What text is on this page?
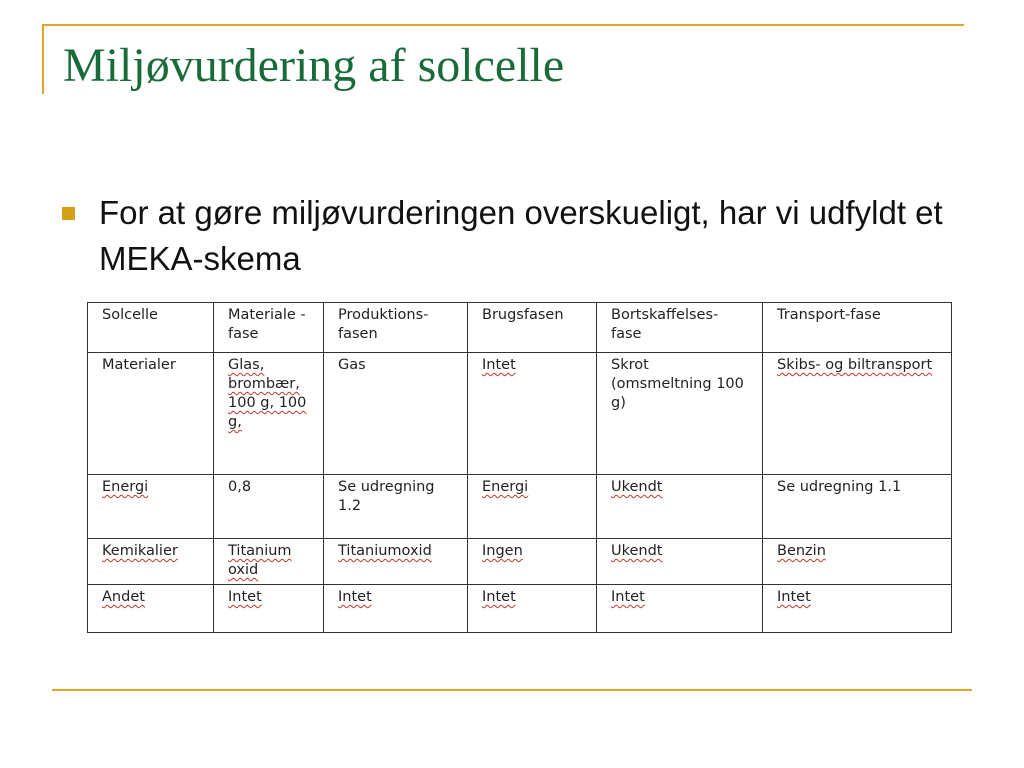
Miljøvurdering af solcelle
For at gøre miljøvurderingen overskueligt, har vi udfyldt et MEKA-skema
Solcelle	Materiale -fase	Produktions-fasen	Brugsfasen	Bortskaffelses-fase	Transport-fase
Materialer	Glas, brombær, 100 g, 100 g,	Gas	Intet	Skrot (omsmeltning 100 g)	Skibs- og biltransport
Energi	0,8	Se udregning 1.2	Energi	Ukendt	Se udregning 1.1
Kemikalier	Titanium oxid	Titaniumoxid	Ingen	Ukendt	Benzin
Andet	Intet	Intet	Intet	Intet	Intet
